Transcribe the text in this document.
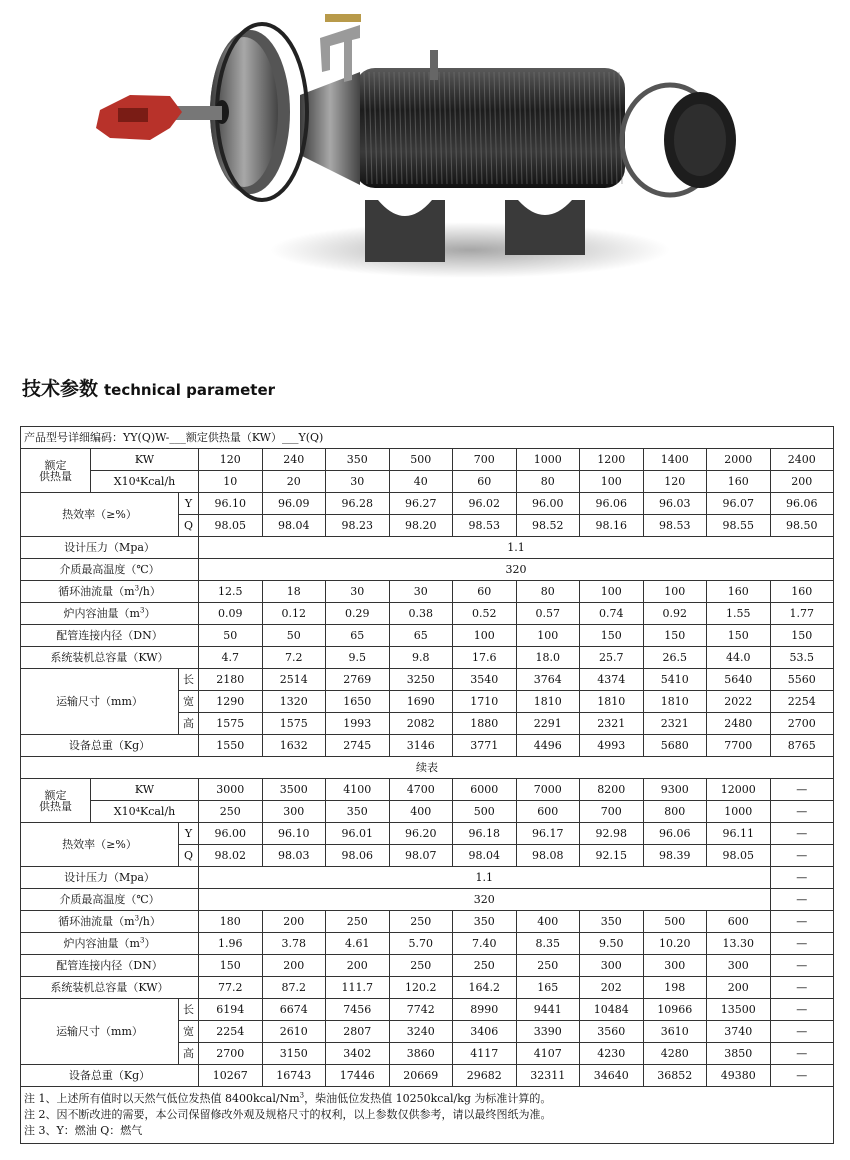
技术参数 technical parameter
产品型号详细编码：YY(Q)W-___额定供热量（KW）___Y(Q)												
额定
供热量	KW		120	240	350	500	700	1000	1200	1400	2000	2400
	X10⁴Kcal/h		10	20	30	40	60	80	100	120	160	200
热效率（≥%）		Y	96.10	96.09	96.28	96.27	96.02	96.00	96.06	96.03	96.07	96.06
		Q	98.05	98.04	98.23	98.20	98.53	98.52	98.16	98.53	98.55	98.50
设计压力（Mpa）			1.1									
介质最高温度（℃）			320									
循环油流量$(m^3/h)$			12.5	18	30	30	60	80	100	100	160	160
炉内容油量$(m^3)$			0.09	0.12	0.29	0.38	0.52	0.57	0.74	0.92	1.55	1.77
配管连接内径（DN）			50	50	65	65	100	100	150	150	150	150
系统装机总容量（KW）			4.7	7.2	9.5	9.8	17.6	18.0	25.7	26.5	44.0	53.5
运输尺寸（mm）		长	2180	2514	2769	3250	3540	3764	4374	5410	5640	5560
		宽	1290	1320	1650	1690	1710	1810	1810	1810	2022	2254
		高	1575	1575	1993	2082	1880	2291	2321	2321	2480	2700
设备总重（Kg）			1550	1632	2745	3146	3771	4496	4993	5680	7700	8765
续表												
额定
供热量	KW		3000	3500	4100	4700	6000	7000	8200	9300	12000	—
	X10⁴Kcal/h		250	300	350	400	500	600	700	800	1000	—
热效率（≥%）		Y	96.00	96.10	96.01	96.20	96.18	96.17	92.98	96.06	96.11	—
		Q	98.02	98.03	98.06	98.07	98.04	98.08	92.15	98.39	98.05	—
设计压力（Mpa）			1.1									—
介质最高温度（℃）			320									—
循环油流量$(m^3/h)$			180	200	250	250	350	400	350	500	600	—
炉内容油量$(m^3)$			1.96	3.78	4.61	5.70	7.40	8.35	9.50	10.20	13.30	—
配管连接内径（DN）			150	200	200	250	250	250	300	300	300	—
系统装机总容量（KW）			77.2	87.2	111.7	120.2	164.2	165	202	198	200	—
运输尺寸（mm）		长	6194	6674	7456	7742	8990	9441	10484	10966	13500	—
		宽	2254	2610	2807	3240	3406	3390	3560	3610	3740	—
		高	2700	3150	3402	3860	4117	4107	4230	4280	3850	—
设备总重（Kg）			10267	16743	17446	20669	29682	32311	34640	36852	49380	—

注 1、上述所有值时以天然气低位发热值 8400kcal/Nm$^3$，柴油低位发热值 10250kcal/kg 为标准计算的。
注 2、因不断改进的需要，本公司保留修改外观及规格尺寸的权利，以上参数仅供参考，请以最终图纸为准。
注 3、Y：燃油 Q：燃气												
